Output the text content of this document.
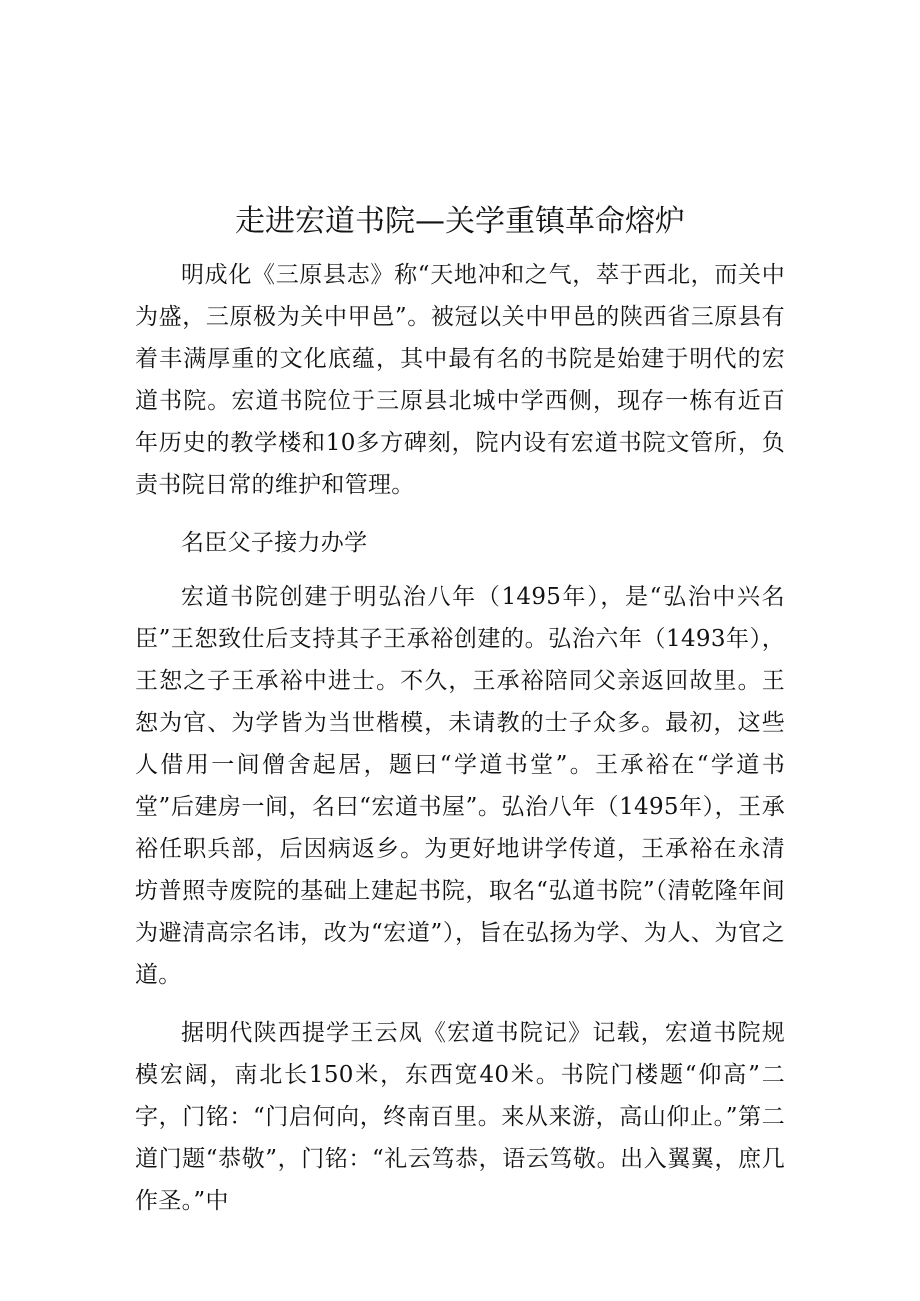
走进宏道书院—关学重镇革命熔炉

明成化《三原县志》称“天地冲和之气，萃于西北，而关中为盛，三原极为关中甲邑”。被冠以关中甲邑的陕西省三原县有着丰满厚重的文化底蕴，其中最有名的书院是始建于明代的宏道书院。宏道书院位于三原县北城中学西侧，现存一栋有近百年历史的教学楼和10多方碑刻，院内设有宏道书院文管所，负责书院日常的维护和管理。

名臣父子接力办学

宏道书院创建于明弘治八年（1495年），是“弘治中兴名臣”王恕致仕后支持其子王承裕创建的。弘治六年（1493年），王恕之子王承裕中进士。不久，王承裕陪同父亲返回故里。王恕为官、为学皆为当世楷模，未请教的士子众多。最初，这些人借用一间僧舍起居，题曰“学道书堂”。王承裕在“学道书堂”后建房一间，名曰“宏道书屋”。弘治八年（1495年），王承裕任职兵部，后因病返乡。为更好地讲学传道，王承裕在永清坊普照寺废院的基础上建起书院，取名“弘道书院”（清乾隆年间为避清高宗名讳，改为“宏道”），旨在弘扬为学、为人、为官之道。

据明代陕西提学王云凤《宏道书院记》记载，宏道书院规模宏阔，南北长150米，东西宽40米。书院门楼题“仰高”二字，门铭：“门启何向，终南百里。来从来游，高山仰止。”第二道门题“恭敬”，门铭：“礼云笃恭，语云笃敬。出入翼翼，庶几作圣。”中
